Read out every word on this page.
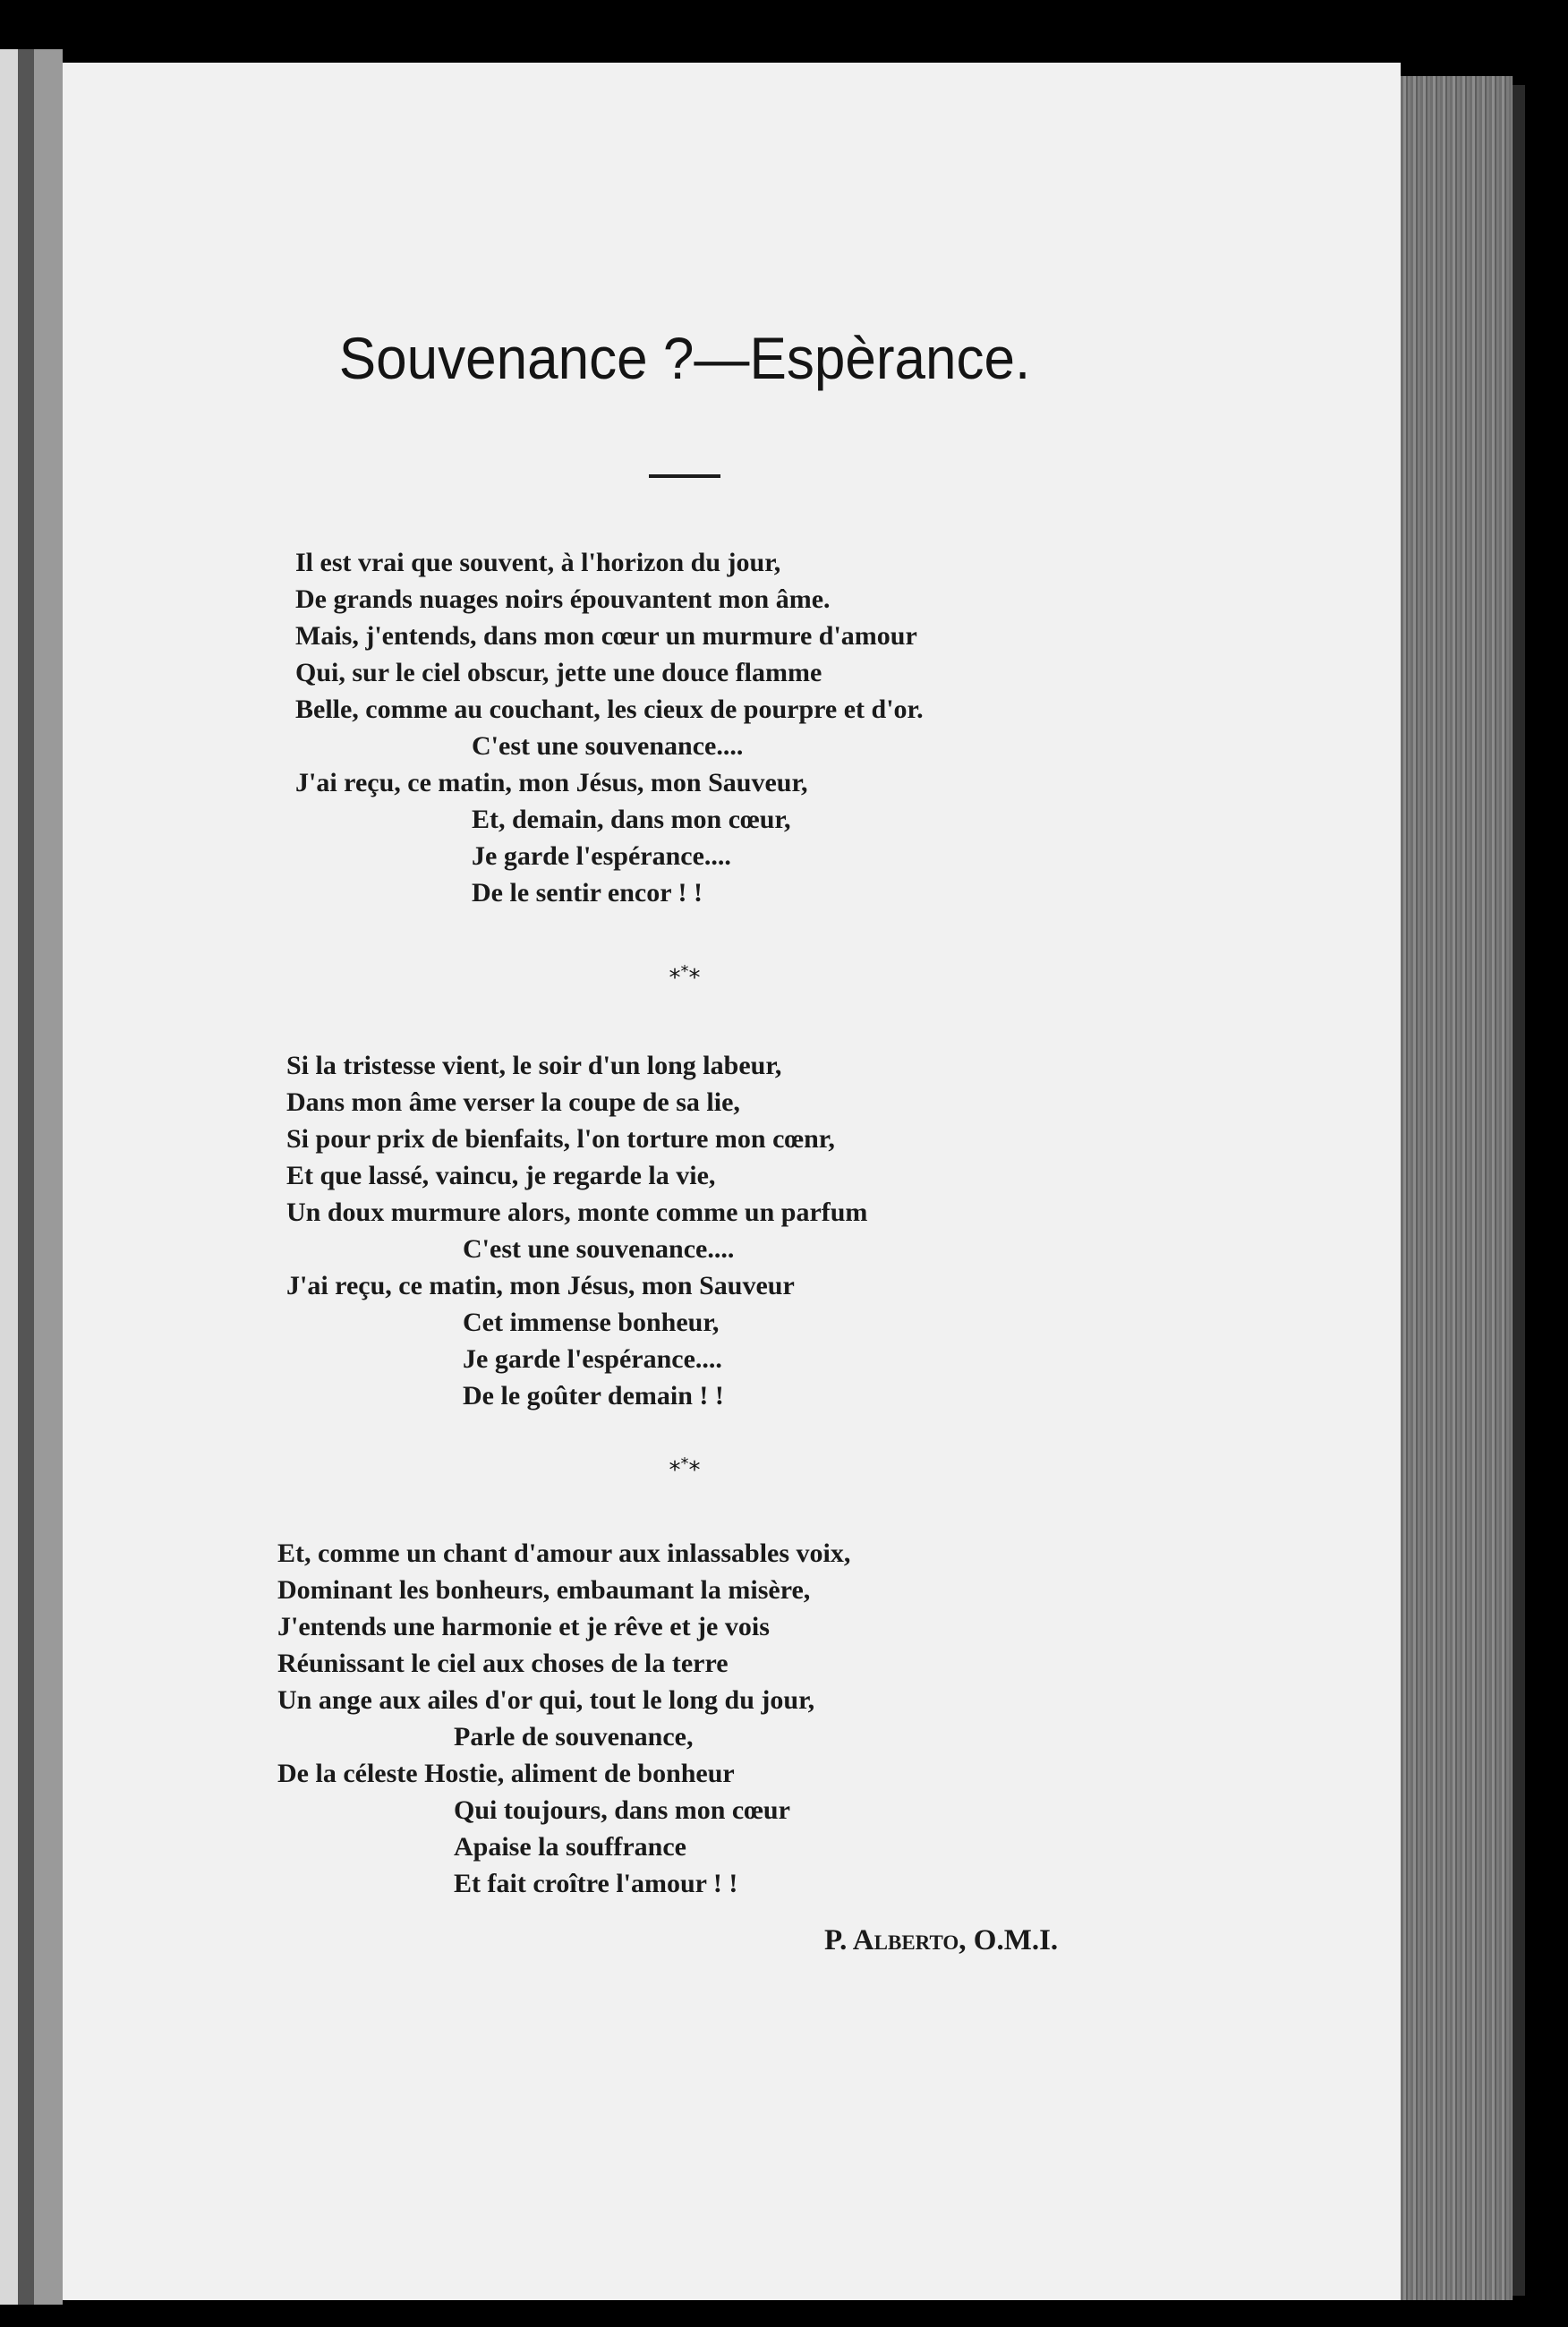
Souvenance ?—Espèrance.
Il est vrai que souvent, à l'horizon du jour,
De grands nuages noirs épouvantent mon âme.
Mais, j'entends, dans mon cœur un murmure d'amour
Qui, sur le ciel obscur, jette une douce flamme
Belle, comme au couchant, les cieux de pourpre et d'or.
C'est une souvenance....
J'ai reçu, ce matin, mon Jésus, mon Sauveur,
Et, demain, dans mon cœur,
Je garde l'espérance....
De le sentir encor ! !
***
Si la tristesse vient, le soir d'un long labeur,
Dans mon âme verser la coupe de sa lie,
Si pour prix de bienfaits, l'on torture mon cœnr,
Et que lassé, vaincu, je regarde la vie,
Un doux murmure alors, monte comme un parfum
C'est une souvenance....
J'ai reçu, ce matin, mon Jésus, mon Sauveur
Cet immense bonheur,
Je garde l'espérance....
De le goûter demain ! !
***
Et, comme un chant d'amour aux inlassables voix,
Dominant les bonheurs, embaumant la misère,
J'entends une harmonie et je rêve et je vois
Réunissant le ciel aux choses de la terre
Un ange aux ailes d'or qui, tout le long du jour,
Parle de souvenance,
De la céleste Hostie, aliment de bonheur
Qui toujours, dans mon cœur
Apaise la souffrance
Et fait croître l'amour ! !
P. Alberto, O.M.I.
